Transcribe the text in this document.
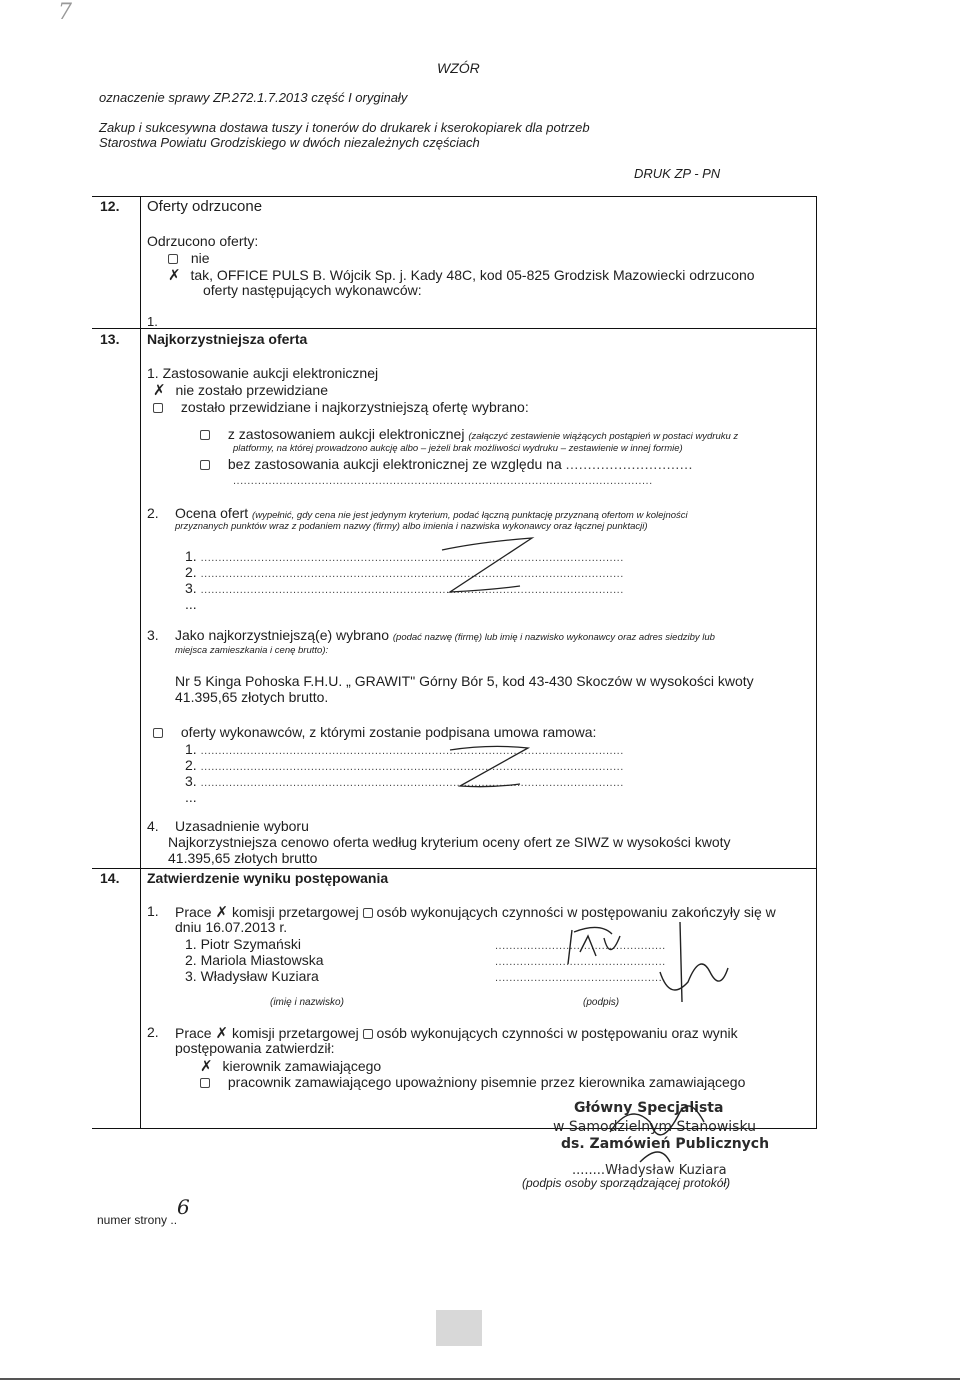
7
WZÓR
oznaczenie sprawy ZP.272.1.7.2013 część I oryginały
Zakup i sukcesywna dostawa tuszy i tonerów do drukarek i kserokopiarek dla potrzeb
Starostwa Powiatu Grodziskiego w dwóch niezależnych częściach
DRUK ZP - PN
12. Oferty odrzucone
Odrzucono oferty:
nie
✗ tak, OFFICE PULS B. Wójcik Sp. j. Kady 48C, kod 05-825 Grodzisk Mazowiecki odrzucono
oferty następujących wykonawców:
1.
13. Najkorzystniejsza oferta
1. Zastosowanie aukcji elektronicznej
✗ nie zostało przewidziane
zostało przewidziane i najkorzystniejszą ofertę wybrano:
z zastosowaniem aukcji elektronicznej (załączyć zestawienie wiążących postąpień w postaci wydruku z
platformy, na której prowadzono aukcję albo – jeżeli brak możliwości wydruku – zestawienie w innej formie)
bez zastosowania aukcji elektronicznej ze względu na .............................
......................................................................................................................
2. Ocena ofert (wypełnić, gdy cena nie jest jedynym kryterium, podać łączną punktację przyznaną ofertom w kolejności
przyznanych punktów wraz z podaniem nazwy (firmy) albo imienia i nazwiska wykonawcy oraz łącznej punktacji)
1. .......................................................................................................................
2. .......................................................................................................................
3. .......................................................................................................................
...
3. Jako najkorzystniejszą(e) wybrano (podać nazwę (firmę) lub imię i nazwisko wykonawcy oraz adres siedziby lub
miejsca zamieszkania i cenę brutto):
Nr 5 Kinga Pohoska F.H.U. „ GRAWIT" Górny Bór 5, kod 43-430 Skoczów w wysokości kwoty
41.395,65 złotych brutto.
oferty wykonawców, z którymi zostanie podpisana umowa ramowa:
1. .......................................................................................................................
2. .......................................................................................................................
3. .......................................................................................................................
...
4. Uzasadnienie wyboru
Najkorzystniejsza cenowo oferta według kryterium oceny ofert ze SIWZ w wysokości kwoty
41.395,65 złotych brutto
14. Zatwierdzenie wyniku postępowania
1. Prace ✗ komisji przetargowej osób wykonujących czynności w postępowaniu zakończyły się w
dniu 16.07.2013 r.
1. Piotr Szymański
2. Mariola Miastowska
3. Władysław Kuziara
................................................
................................................
................................................
(imię i nazwisko)	(podpis)
2. Prace ✗ komisji przetargowej osób wykonujących czynności w postępowaniu oraz wynik
postępowania zatwierdził:
✗ kierownik zamawiającego
pracownik zamawiającego upoważniony pisemnie przez kierownika zamawiającego
Główny Specjalista
w Samodzielnym Stanowisku
ds. Zamówień Publicznych
........Władysław Kuziara
(podpis osoby sporządzającej protokół)
numer strony ..6
